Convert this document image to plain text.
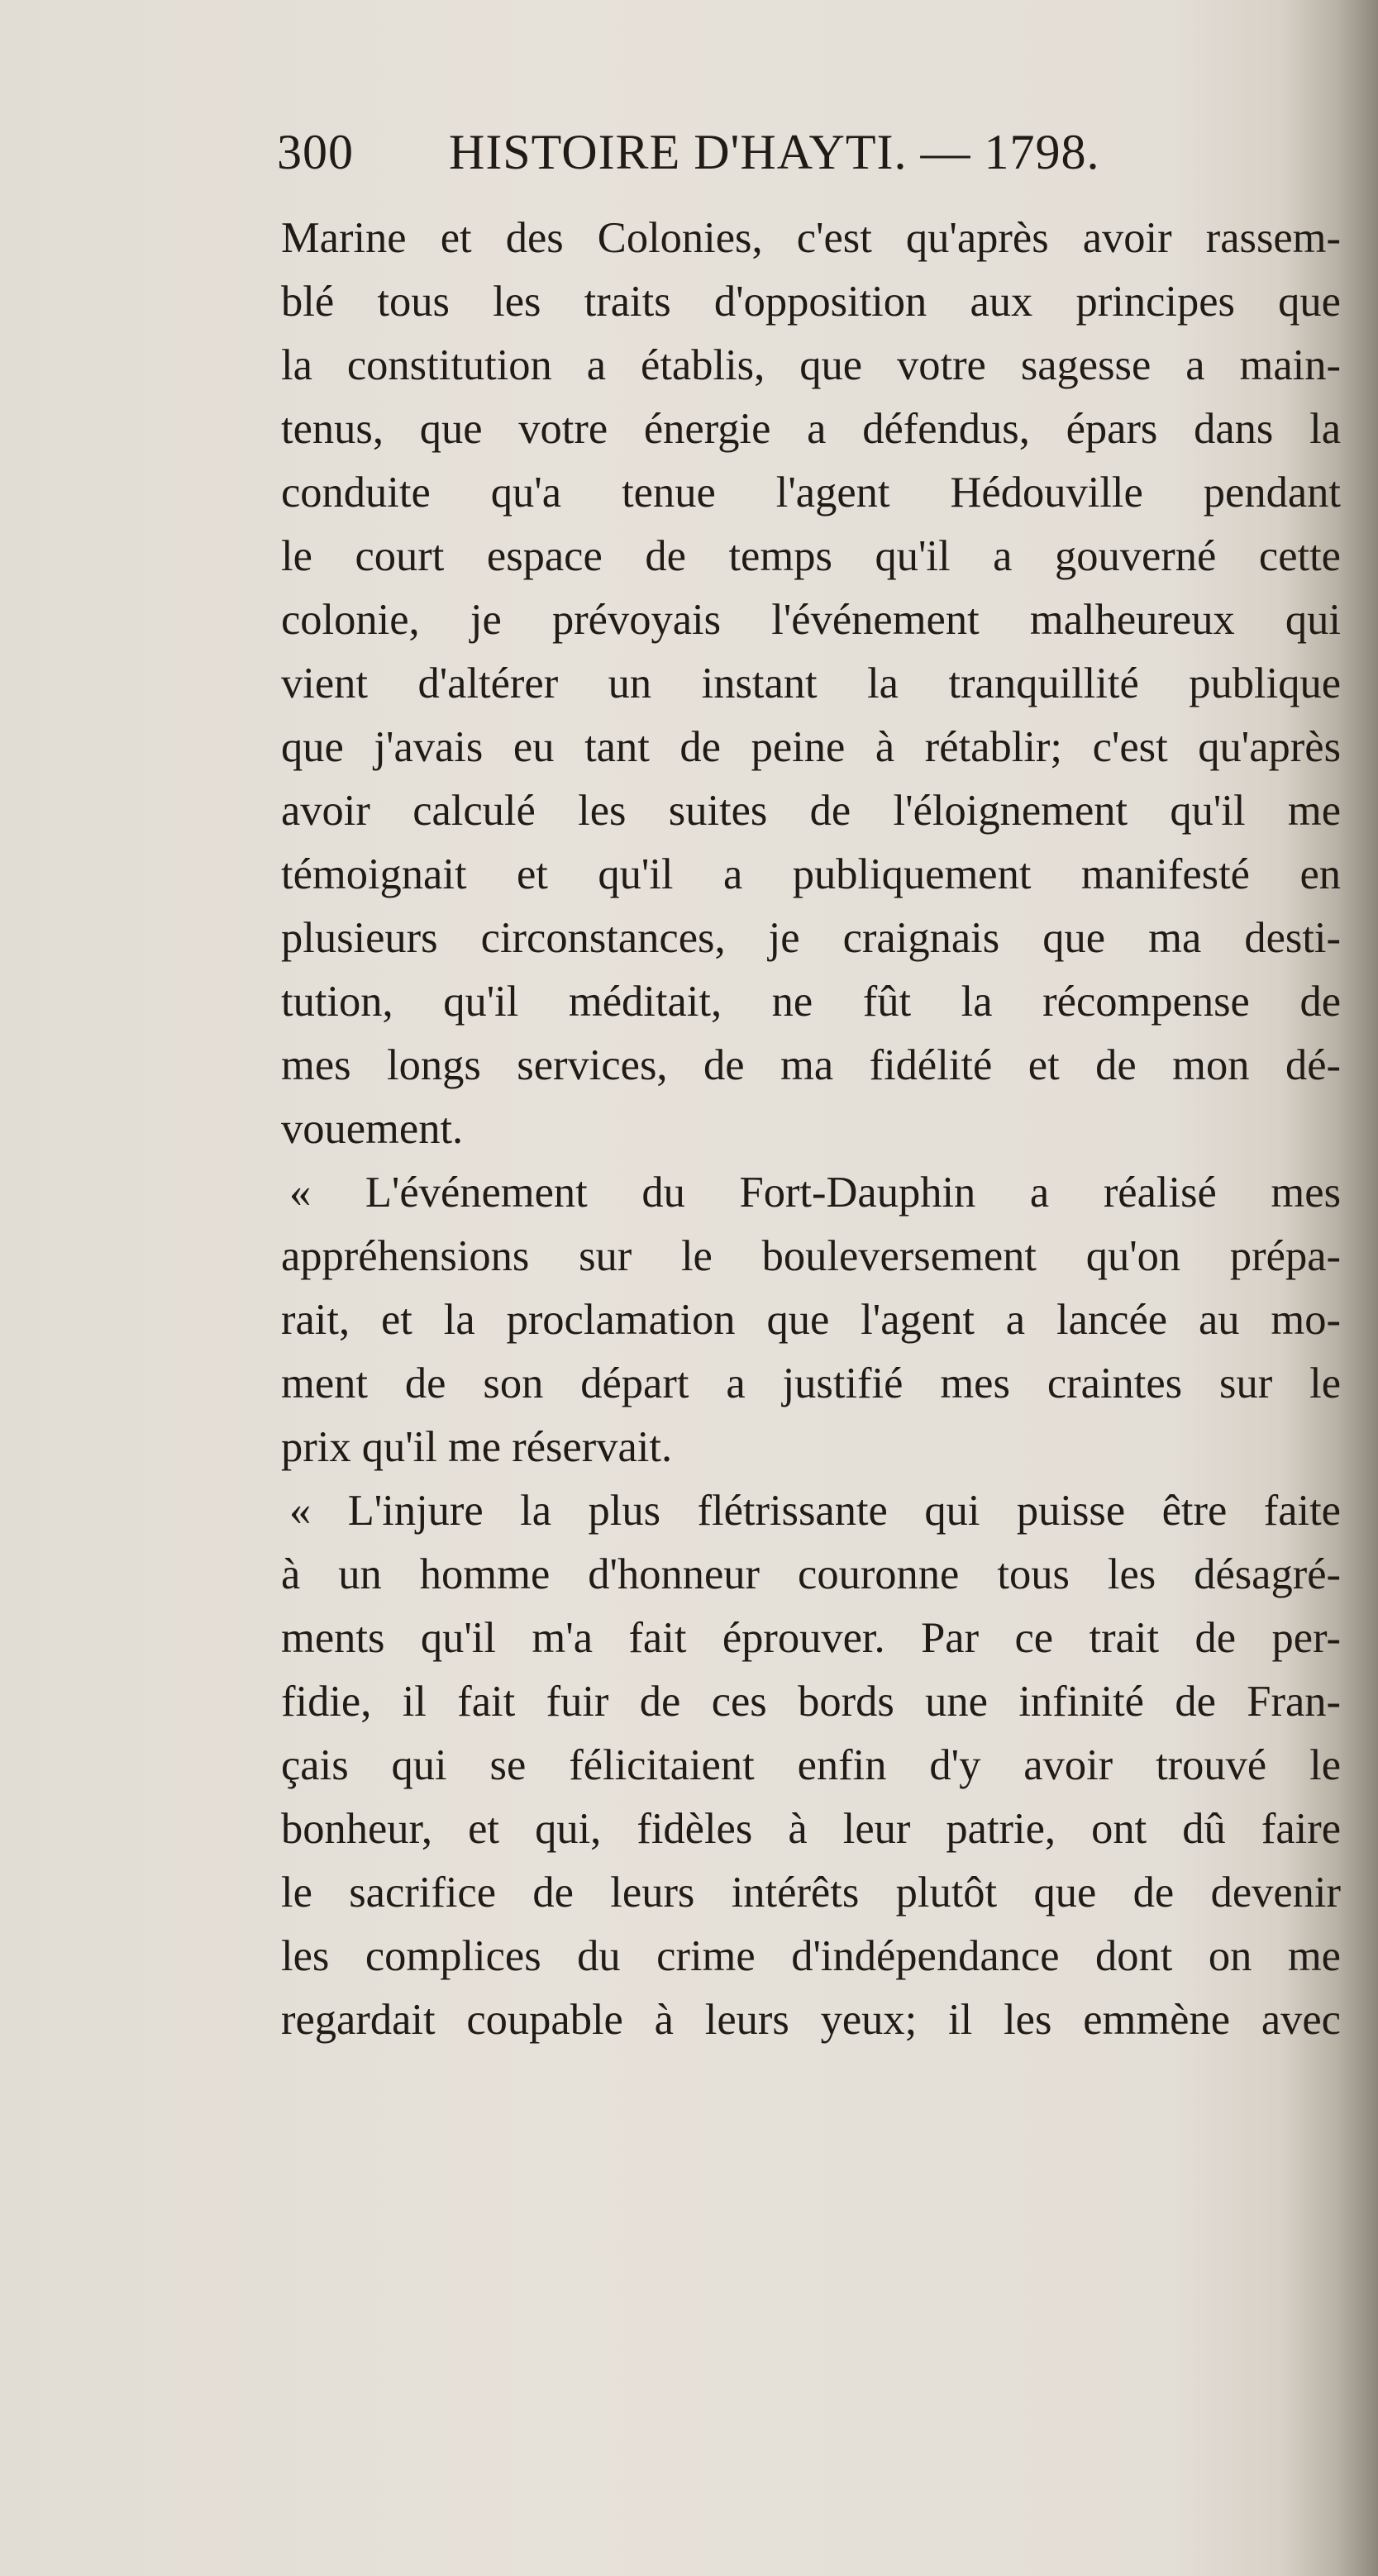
300 HISTOIRE D'HAYTI. — 1798.
Marine et des Colonies, c'est qu'après avoir rassem-
blé tous les traits d'opposition aux principes que
la constitution a établis, que votre sagesse a main-
tenus, que votre énergie a défendus, épars dans la
conduite qu'a tenue l'agent Hédouville pendant
le court espace de temps qu'il a gouverné cette
colonie, je prévoyais l'événement malheureux qui
vient d'altérer un instant la tranquillité publique
que j'avais eu tant de peine à rétablir; c'est qu'après
avoir calculé les suites de l'éloignement qu'il me
témoignait et qu'il a publiquement manifesté en
plusieurs circonstances, je craignais que ma desti-
tution, qu'il méditait, ne fût la récompense de
mes longs services, de ma fidélité et de mon dé-
vouement.
« L'événement du Fort-Dauphin a réalisé mes
appréhensions sur le bouleversement qu'on prépa-
rait, et la proclamation que l'agent a lancée au mo-
ment de son départ a justifié mes craintes sur le
prix qu'il me réservait.
« L'injure la plus flétrissante qui puisse être faite
à un homme d'honneur couronne tous les désagré-
ments qu'il m'a fait éprouver. Par ce trait de per-
fidie, il fait fuir de ces bords une infinité de Fran-
çais qui se félicitaient enfin d'y avoir trouvé le
bonheur, et qui, fidèles à leur patrie, ont dû faire
le sacrifice de leurs intérêts plutôt que de devenir
les complices du crime d'indépendance dont on me
regardait coupable à leurs yeux; il les emmène avec
